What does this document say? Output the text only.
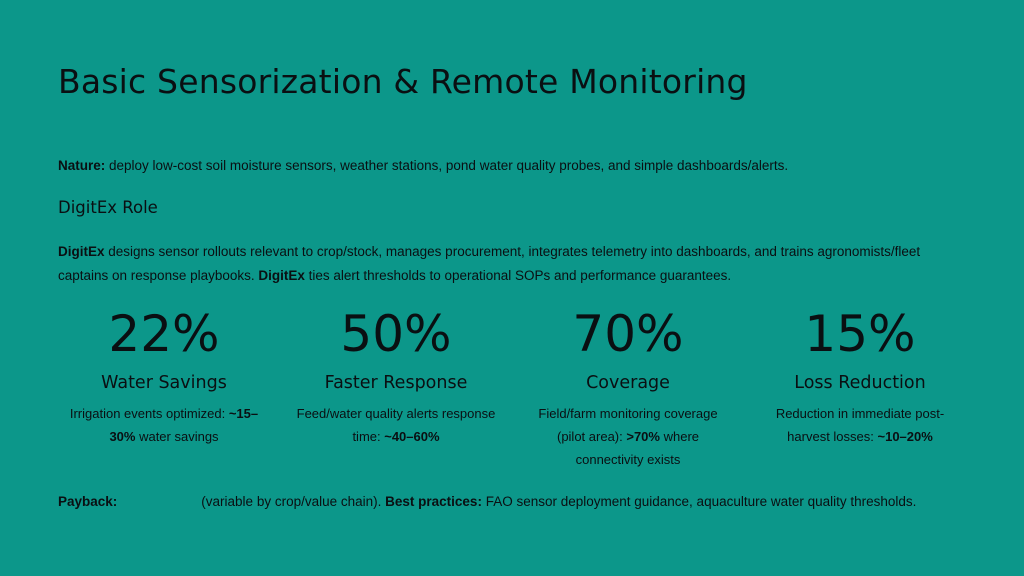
Basic Sensorization & Remote Monitoring

Nature: deploy low-cost soil moisture sensors, weather stations, pond water quality probes, and simple dashboards/alerts.

DigitEx Role

DigitEx designs sensor rollouts relevant to crop/stock, manages procurement, integrates telemetry into dashboards, and trains agronomists/fleet captains on response playbooks. DigitEx ties alert thresholds to operational SOPs and performance guarantees.

22%

Water Savings

Irrigation events optimized: ~15–30% water savings

50%

Faster Response

Feed/water quality alerts response time: ~40–60%

70%

Coverage

Field/farm monitoring coverage (pilot area): >70% where connectivity exists

15%

Loss Reduction

Reduction in immediate post-harvest losses: ~10–20%

Payback:	(variable by crop/value chain). Best practices: FAO sensor deployment guidance, aquaculture water quality thresholds.
